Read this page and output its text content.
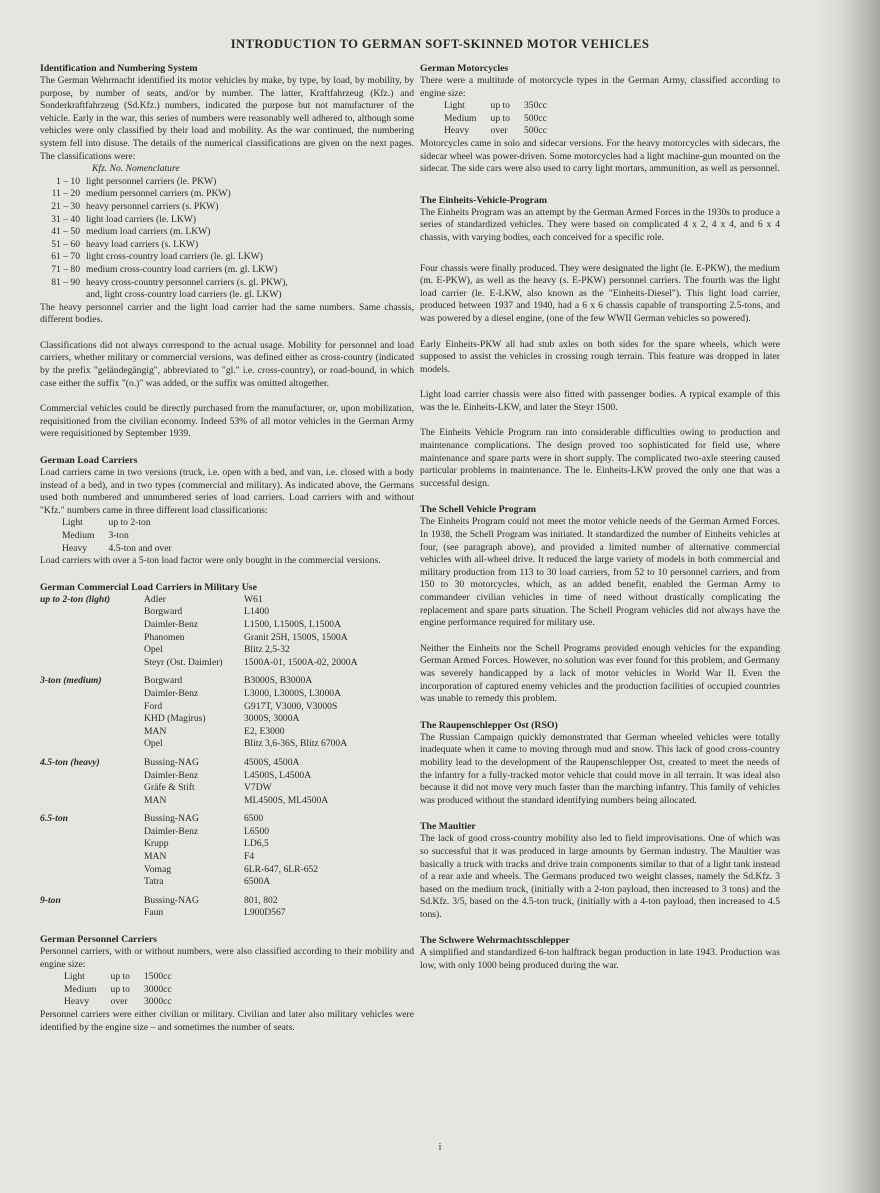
INTRODUCTION TO GERMAN SOFT-SKINNED MOTOR VEHICLES
Identification and Numbering System

The German Wehrmacht identified its motor vehicles by make, by type, by load, by mobility, by purpose, by number of seats, and/or by number. The latter, Kraftfahrzeug (Kfz.) and Sonderkraftfahrzeug (Sd.Kfz.) numbers, indicated the purpose but not manufacturer of the vehicle. Early in the war, this series of numbers were reasonably well adhered to, although some vehicles were only classified by their load and mobility. As the war continued, the numbering system fell into disuse. The details of the numerical classifications are given on the next pages. The classifications were:

	Kfz. No. Nomenclature
1 – 10	light personnel carriers (le. PKW)
11 – 20	medium personnel carriers (m. PKW)
21 – 30	heavy personnel carriers (s. PKW)
31 – 40	light load carriers (le. LKW)
41 – 50	medium load carriers (m. LKW)
51 – 60	heavy load carriers (s. LKW)
61 – 70	light cross-country load carriers (le. gl. LKW)
71 – 80	medium cross-country load carriers (m. gl. LKW)
81 – 90	heavy cross-country personnel carriers (s. gl. PKW),
	and, light cross-country load carriers (le. gl. LKW)

The heavy personnel carrier and the light load carrier had the same numbers. Same chassis, different bodies.

Classifications did not always correspond to the actual usage. Mobility for personnel and load carriers, whether military or commercial versions, was defined either as cross-country (indicated by the prefix "geländegängig", abbreviated to "gl." i.e. cross-country), or road-bound, in which case either the suffix "(o.)" was added, or the suffix was omitted altogether.

Commercial vehicles could be directly purchased from the manufacturer, or, upon mobilization, requisitioned from the civilian economy. Indeed 53% of all motor vehicles in the German Army were requisitioned by September 1939.

German Load Carriers

Load carriers came in two versions (truck, i.e. open with a bed, and van, i.e. closed with a body instead of a bed), and in two types (commercial and military). As indicated above, the Germans used both numbered and unnumbered series of load carriers. Load carriers with and without "Kfz." numbers came in three different load classifications:

Light	up to 2-ton
Medium	3-ton
Heavy	4.5-ton and over

Load carriers with over a 5-ton load factor were only bought in the commercial versions.

German Commercial Load Carriers in Military Use
up to 2-ton (light)	Adler	W61
	Borgward	L1400
	Daimler-Benz	L1500, L1500S, L1500A
	Phanomen	Granit 25H, 1500S, 1500A
	Opel	Blitz 2,5-32
	Steyr (Ost. Daimler)	1500A-01, 1500A-02, 2000A
3-ton (medium)	Borgward	B3000S, B3000A
	Daimler-Benz	L3000, L3000S, L3000A
	Ford	G917T, V3000, V3000S
	KHD (Magirus)	3000S, 3000A
	MAN	E2, E3000
	Opel	Blitz 3,6-36S, Blitz 6700A
4.5-ton (heavy)	Bussing-NAG	4500S, 4500A
	Daimler-Benz	L4500S, L4500A
	Gräfe & Stift	V7DW
	MAN	ML4500S, ML4500A
6.5-ton	Bussing-NAG	6500
	Daimler-Benz	L6500
	Krupp	LD6,5
	MAN	F4
	Vomag	6LR-647, 6LR-652
	Tatra	6500A
9-ton	Bussing-NAG	801, 802
	Faun	L900D567
German Personnel Carriers

Personnel carriers, with or without numbers, were also classified according to their mobility and engine size:

Light	up to	1500cc
Medium	up to	3000cc
Heavy	over	3000cc

Personnel carriers were either civilian or military. Civilian and later also military vehicles were identified by the engine size – and sometimes the number of seats.

German Motorcycles

There were a multitude of motorcycle types in the German Army, classified according to engine size:

Light	up to	350cc
Medium	up to	500cc
Heavy	over	500cc

Motorcycles came in solo and sidecar versions. For the heavy motorcycles with sidecars, the sidecar wheel was power-driven. Some motorcycles had a light machine-gun mounted on the sidecar. The side cars were also used to carry light mortars, ammunition, as well as personnel.

The Einheits-Vehicle-Program

The Einheits Program was an attempt by the German Armed Forces in the 1930s to produce a series of standardized vehicles. They were based on complicated 4 x 2, 4 x 4, and 6 x 4 chassis, with varying bodies, each conceived for a specific role.

Four chassis were finally produced. They were designated the light (le. E-PKW), the medium (m. E-PKW), as well as the heavy (s. E-PKW) personnel carriers. The fourth was the light load carrier (le. E-LKW, also known as the "Einheits-Diesel"). This light load carrier, produced between 1937 and 1940, had a 6 x 6 chassis capable of transporting 2.5-tons, and was powered by a diesel engine, (one of the few WWII German vehicles so powered).

Early Einheits-PKW all had stub axles on both sides for the spare wheels, which were supposed to assist the vehicles in crossing rough terrain. This feature was dropped in later models.

Light load carrier chassis were also fitted with passenger bodies. A typical example of this was the le. Einheits-LKW, and later the Steyr 1500.

The Einheits Vehicle Program ran into considerable difficulties owing to production and maintenance complications. The design proved too sophisticated for field use, where maintenance and spare parts were in short supply. The complicated two-axle steering caused particular problems in maintenance. The le. Einheits-LKW proved the only one that was a successful design.

The Schell Vehicle Program

The Einheits Program could not meet the motor vehicle needs of the German Armed Forces. In 1938, the Schell Program was initiated. It standardized the number of Einheits vehicles at four, (see paragraph above), and provided a limited number of alternative commercial vehicles with all-wheel drive. It reduced the large variety of models in both commercial and military production from 113 to 30 load carriers, from 52 to 10 personnel carriers, and from 150 to 30 motorcycles, which, as an added benefit, enabled the German Army to commandeer civilian vehicles in time of need without drastically complicating the replacement and spare parts situation. The Schell Program vehicles did not always have the engine performance required for military use.

Neither the Einheits nor the Schell Programs provided enough vehicles for the expanding German Armed Forces. However, no solution was ever found for this problem, and Germany was severely handicapped by a lack of motor vehicles in World War II. Even the incorporation of captured enemy vehicles and the production facilities of occupied countries was unable to remedy this problem.

The Raupenschlepper Ost (RSO)

The Russian Campaign quickly demonstrated that German wheeled vehicles were totally inadequate when it came to moving through mud and snow. This lack of good cross-country mobility lead to the development of the Raupenschlepper Ost, created to meet the needs of the infantry for a fully-tracked motor vehicle that could move in all terrain. It was ideal also because it did not move very much faster than the marching infantry. This family of vehicles was produced without the standard identifying numbers being allocated.

The Maultier

The lack of good cross-country mobility also led to field improvisations. One of which was so successful that it was produced in large amounts by German industry. The Maultier was basically a truck with tracks and drive train components similar to that of a light tank instead of a rear axle and wheels. The Germans produced two weight classes, namely the Sd.Kfz. 3 based on the medium truck, (initially with a 2-ton payload, then increased to 3 tons) and the Sd.Kfz. 3/5, based on the 4.5-ton truck, (initially with a 4-ton payload, then increased to 4.5 tons).

The Schwere Wehrmachtsschlepper

A simplified and standardized 6-ton halftrack began production in late 1943. Production was low, with only 1000 being produced during the war.

i
